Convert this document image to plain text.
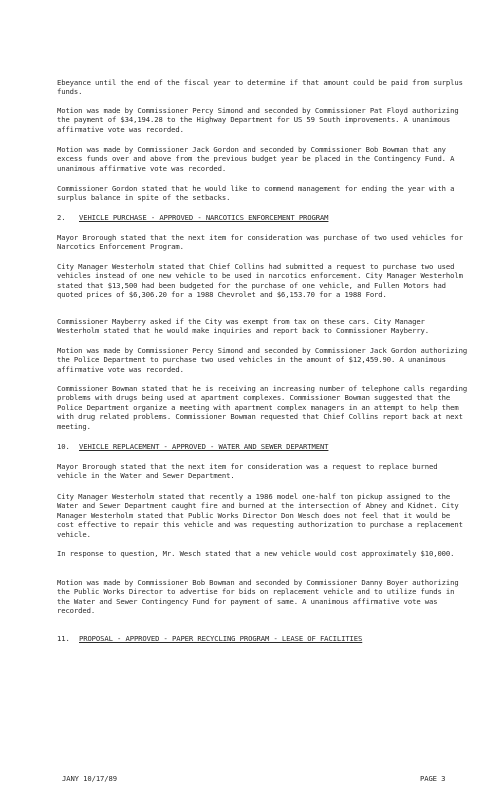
Ebeyance until the end of the fiscal year to determine if that amount could be paid from surplus funds.

Motion was made by Commissioner Percy Simond and seconded by Commissioner Pat Floyd authorizing the payment of $34,194.28 to the Highway Department for US 59 South improvements. A unanimous affirmative vote was recorded.

Motion was made by Commissioner Jack Gordon and seconded by Commissioner Bob Bowman that any excess funds over and above from the previous budget year be placed in the Contingency Fund. A unanimous affirmative vote was recorded.

Commissioner Gordon stated that he would like to commend management for ending the year with a surplus balance in spite of the setbacks.

2. VEHICLE PURCHASE - APPROVED - NARCOTICS ENFORCEMENT PROGRAM

Mayor Brorough stated that the next item for consideration was purchase of two used vehicles for Narcotics Enforcement Program.

City Manager Westerholm stated that Chief Collins had submitted a request to purchase two used vehicles instead of one new vehicle to be used in narcotics enforcement. City Manager Westerholm stated that $13,500 had been budgeted for the purchase of one vehicle, and Fullen Motors had quoted prices of $6,306.20 for a 1988 Chevrolet and $6,153.70 for a 1988 Ford.

Commissioner Mayberry asked if the City was exempt from tax on these cars. City Manager Westerholm stated that he would make inquiries and report back to Commissioner Mayberry.

Motion was made by Commissioner Percy Simond and seconded by Commissioner Jack Gordon authorizing the Police Department to purchase two used vehicles in the amount of $12,459.90. A unanimous affirmative vote was recorded.

Commissioner Bowman stated that he is receiving an increasing number of telephone calls regarding problems with drugs being used at apartment complexes. Commissioner Bowman suggested that the Police Department organize a meeting with apartment complex managers in an attempt to help them with drug related problems. Commissioner Bowman requested that Chief Collins report back at next meeting.

10. VEHICLE REPLACEMENT - APPROVED - WATER AND SEWER DEPARTMENT

Mayor Brorough stated that the next item for consideration was a request to replace burned vehicle in the Water and Sewer Department.

City Manager Westerholm stated that recently a 1986 model one-half ton pickup assigned to the Water and Sewer Department caught fire and burned at the intersection of Abney and Kidnet. City Manager Westerholm stated that Public Works Director Don Wesch does not feel that it would be cost effective to repair this vehicle and was requesting authorization to purchase a replacement vehicle.

In response to question, Mr. Wesch stated that a new vehicle would cost approximately $10,000.

Motion was made by Commissioner Bob Bowman and seconded by Commissioner Danny Boyer authorizing the Public Works Director to advertise for bids on replacement vehicle and to utilize funds in the Water and Sewer Contingency Fund for payment of same. A unanimous affirmative vote was recorded.

11. PROPOSAL - APPROVED - PAPER RECYCLING PROGRAM - LEASE OF FACILITIES
JANY 10/17/89	PAGE 3
